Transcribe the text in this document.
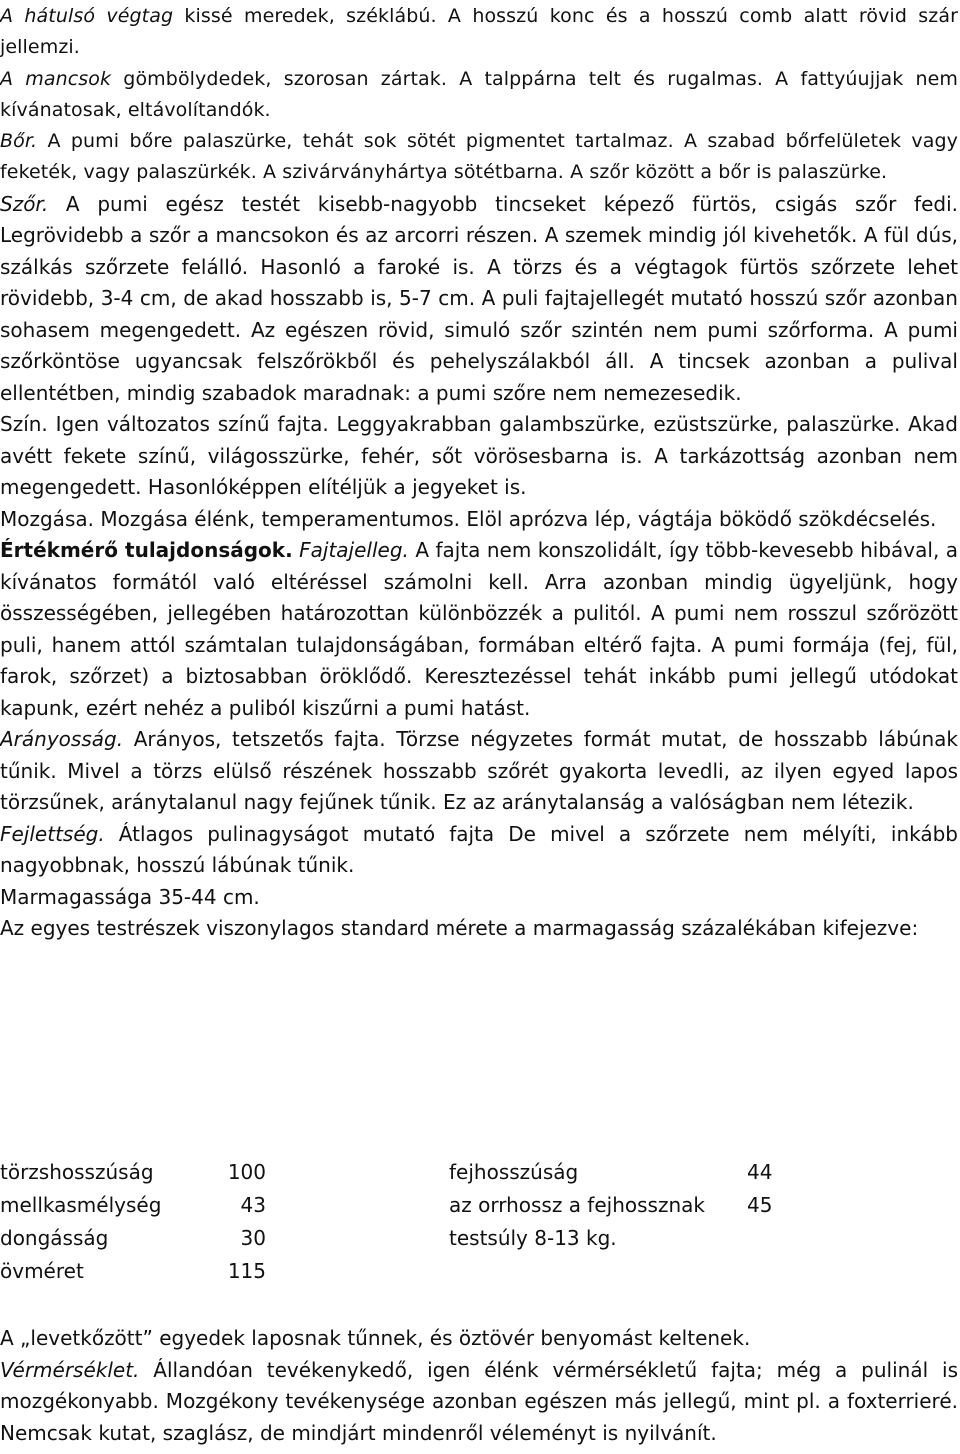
A hátulsó végtag kissé meredek, széklábú. A hosszú konc és a hosszú comb alatt rövid szár jellemzi.

A mancsok gömbölydedek, szorosan zártak. A talppárna telt és rugalmas. A fattyúujjak nem kívánatosak, eltávolítandók.

Bőr. A pumi bőre palaszürke, tehát sok sötét pigmentet tartalmaz. A szabad bőrfelületek vagy feketék, vagy palaszürkék. A szivárványhártya sötétbarna. A szőr között a bőr is palaszürke.

Szőr. A pumi egész testét kisebb-nagyobb tincseket képező fürtös, csigás szőr fedi. Legrövidebb a szőr a mancsokon és az arcorri részen. A szemek mindig jól kivehetők. A fül dús, szálkás szőrzete felálló. Hasonló a faroké is. A törzs és a végtagok fürtös szőrzete lehet rövidebb, 3-4 cm, de akad hosszabb is, 5-7 cm. A puli fajtajellegét mutató hosszú szőr azonban sohasem megengedett. Az egészen rövid, simuló szőr szintén nem pumi szőrforma. A pumi szőrköntöse ugyancsak felszőrökből és pehelyszálakból áll. A tincsek azonban a pulival ellentétben, mindig szabadok maradnak: a pumi szőre nem nemezesedik.

Szín. Igen változatos színű fajta. Leggyakrabban galambszürke, ezüstszürke, palaszürke. Akad avétt fekete színű, világosszürke, fehér, sőt vörösesbarna is. A tarkázottság azonban nem megengedett. Hasonlóképpen elítéljük a jegyeket is.

Mozgása. Mozgása élénk, temperamentumos. Elöl aprózva lép, vágtája böködő szökdécselés.

Értékmérő tulajdonságok. Fajtajelleg. A fajta nem konszolidált, így több-kevesebb hibával, a kívánatos formától való eltéréssel számolni kell. Arra azonban mindig ügyeljünk, hogy összességében, jellegében határozottan különbözzék a pulitól. A pumi nem rosszul szőrözött puli, hanem attól számtalan tulajdonságában, formában eltérő fajta. A pumi formája (fej, fül, farok, szőrzet) a biztosabban öröklődő. Keresztezéssel tehát inkább pumi jellegű utódokat kapunk, ezért nehéz a puliból kiszűrni a pumi hatást.

Arányosság. Arányos, tetszetős fajta. Törzse négyzetes formát mutat, de hosszabb lábúnak tűnik. Mivel a törzs elülső részének hosszabb szőrét gyakorta levedli, az ilyen egyed lapos törzsűnek, aránytalanul nagy fejűnek tűnik. Ez az aránytalanság a valóságban nem létezik.

Fejlettség. Átlagos pulinagyságot mutató fajta De mivel a szőrzete nem mélyíti, inkább nagyobbnak, hosszú lábúnak tűnik.

Marmagassága 35-44 cm.

Az egyes testrészek viszonylagos standard mérete a marmagasság százalékában kifejezve:

törzshosszúság	100	fejhosszúság	44
mellkasmélység	43	az orrhossz a fejhossznak 45
dongásság	30	testsúly 8-13 kg.
övméret	115

A „levetkőzött” egyedek laposnak tűnnek, és öztövér benyomást keltenek.

Vérmérséklet. Állandóan tevékenykedő, igen élénk vérmérsékletű fajta; még a pulinál is mozgékonyabb. Mozgékony tevékenysége azonban egészen más jellegű, mint pl. a foxterrieré. Nemcsak kutat, szaglász, de mindjárt mindenről véleményt is nyilvánít.
